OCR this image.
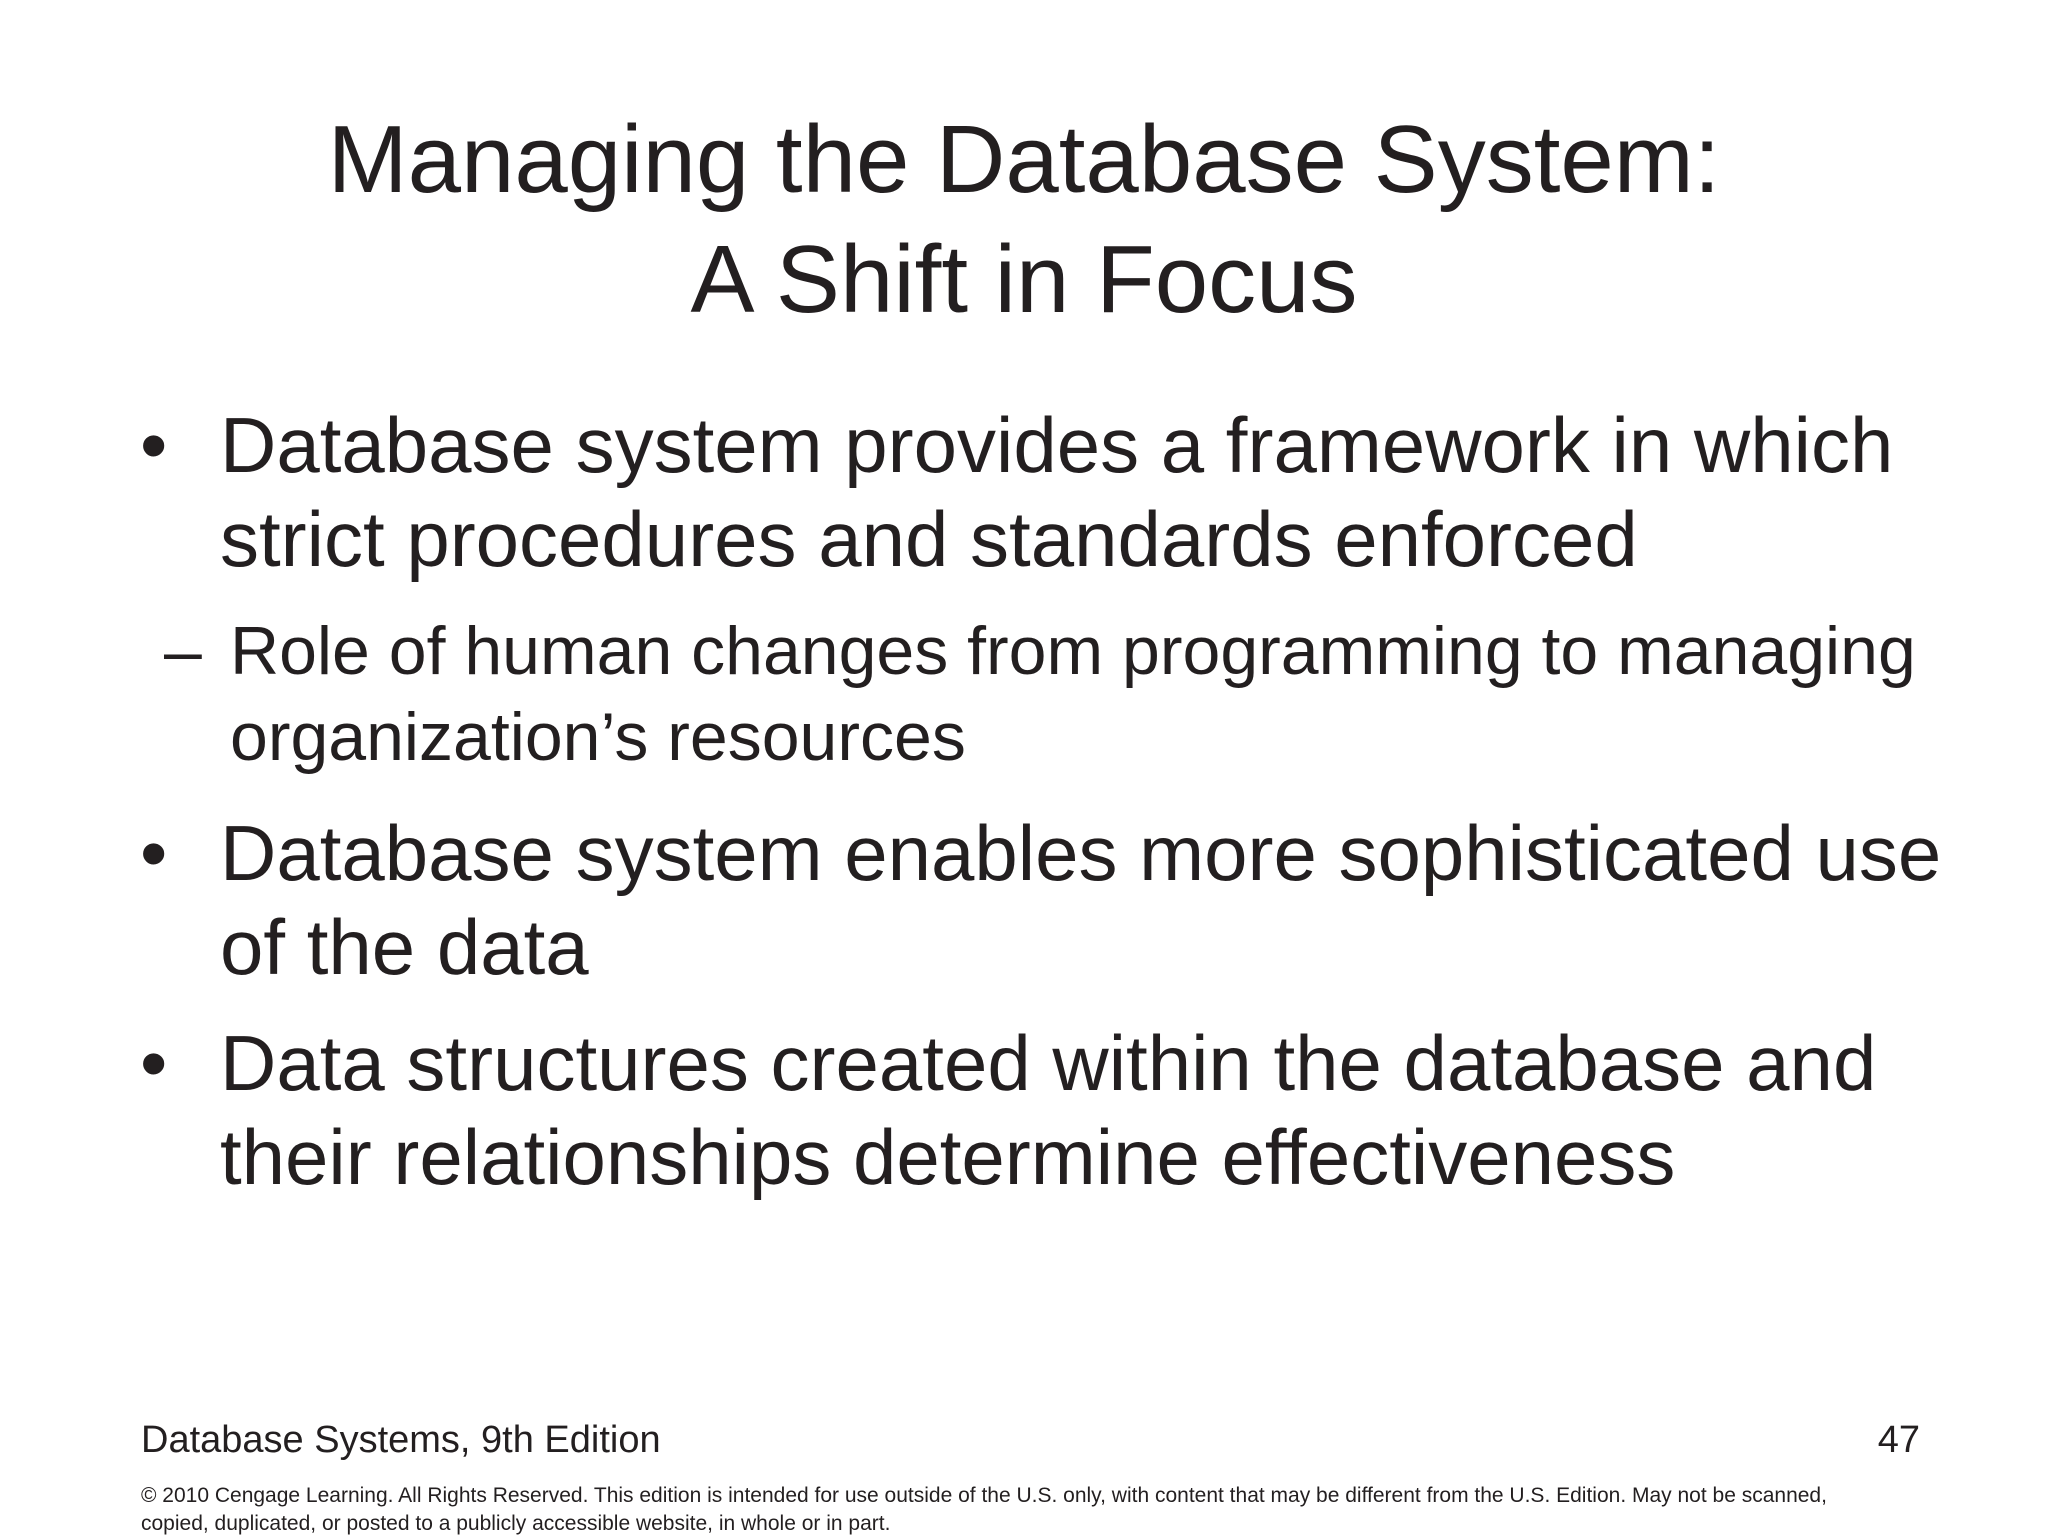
Managing the Database System:
A Shift in Focus
• Database system provides a framework in which strict procedures and standards enforced
– Role of human changes from programming to managing organization’s resources
• Database system enables more sophisticated use of the data
• Data structures created within the database and their relationships determine effectiveness
Database Systems, 9th Edition	47
© 2010 Cengage Learning. All Rights Reserved. This edition is intended for use outside of the U.S. only, with content that may be different from the U.S. Edition. May not be scanned, copied, duplicated, or posted to a publicly accessible website, in whole or in part.
